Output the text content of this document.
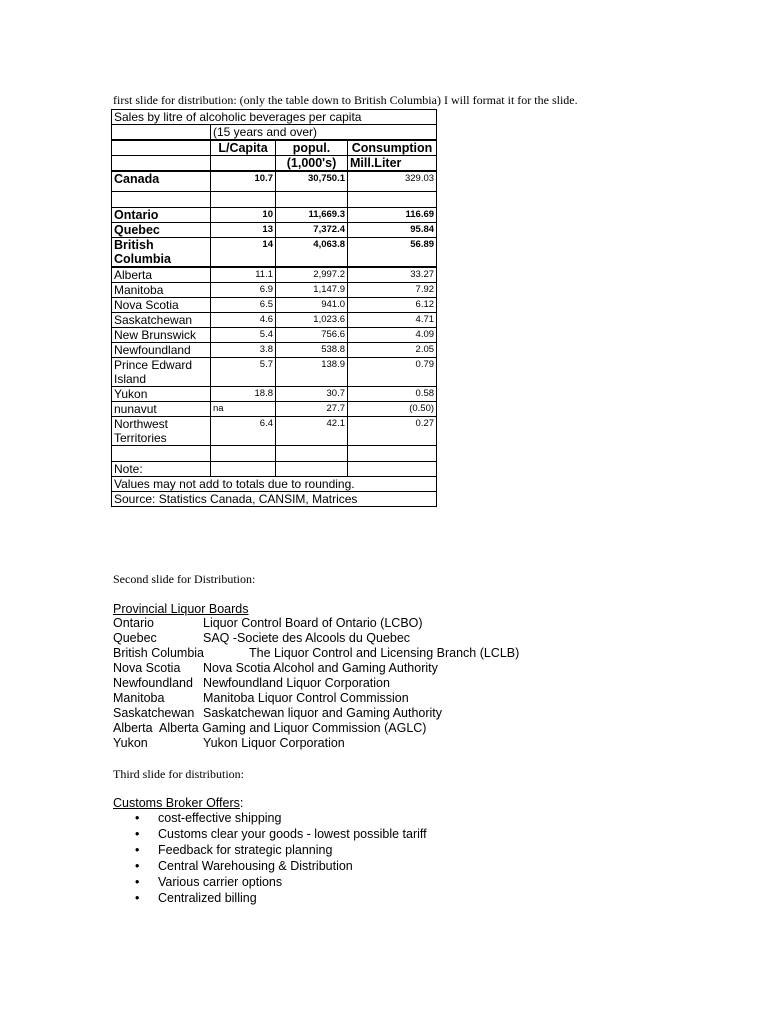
first slide for distribution: (only the table down to British Columbia) I will format it for the slide.
Sales by litre of alcoholic beverages per capita			
	(15 years and over)		
	L/Capita	popul.	Consumption
		(1,000's)	Mill.Liter
Canada	10.7	30,750.1	329.03

Ontario	10	11,669.3	116.69
Quebec	13	7,372.4	95.84
British Columbia	14	4,063.8	56.89
Alberta	11.1	2,997.2	33.27
Manitoba	6.9	1,147.9	7.92
Nova Scotia	6.5	941.0	6.12
Saskatchewan	4.6	1,023.6	4.71
New Brunswick	5.4	756.6	4.09
Newfoundland	3.8	538.8	2.05
Prince Edward Island	5.7	138.9	0.79
Yukon	18.8	30.7	0.58
nunavut	na	27.7	(0.50)
Northwest Territories	6.4	42.1	0.27

Note:			
Values may not add to totals due to rounding.			
Source: Statistics Canada, CANSIM, Matrices			
Second slide for Distribution:
Provincial Liquor Boards
Ontario	Liquor Control Board of Ontario (LCBO)
Quebec	SAQ -Societe des Alcools du Quebec
British Columbia	The Liquor Control and Licensing Branch (LCLB)
Nova Scotia Nova Scotia Alcohol and Gaming Authority
Newfoundland Newfoundland Liquor Corporation
Manitoba	Manitoba Liquor Control Commission
Saskatchewan Saskatchewan liquor and Gaming Authority
Alberta Alberta Gaming and Liquor Commission (AGLC)
Yukon	Yukon Liquor Corporation
Third slide for distribution:
Customs Broker Offers:
• cost-effective shipping
• Customs clear your goods - lowest possible tariff
• Feedback for strategic planning
• Central Warehousing & Distribution
• Various carrier options
• Centralized billing
